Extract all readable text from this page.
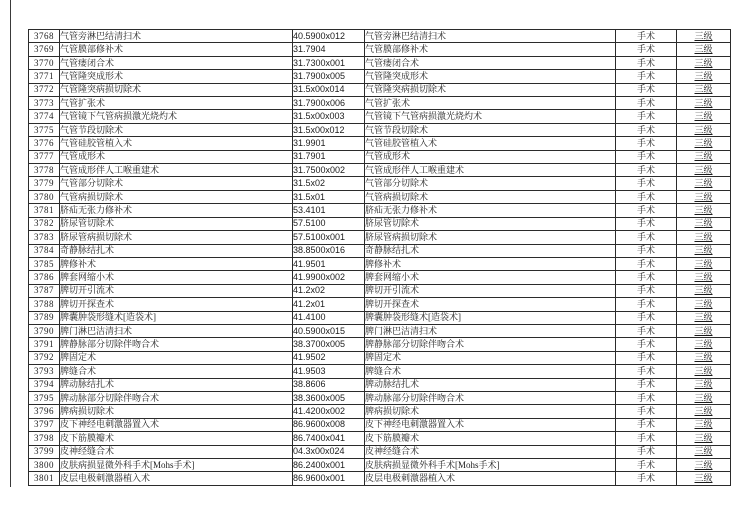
3768	气管旁淋巴结清扫术	40.5900x012	气管旁淋巴结清扫术	手术	三级
3769	气管膜部修补术	31.7904	气管膜部修补术	手术	三级
3770	气管瘘闭合术	31.7300x001	气管瘘闭合术	手术	三级
3771	气管隆突成形术	31.7900x005	气管隆突成形术	手术	三级
3772	气管隆突病损切除术	31.5x00x014	气管隆突病损切除术	手术	三级
3773	气管扩张术	31.7900x006	气管扩张术	手术	三级
3774	气管镜下气管病损激光烧灼术	31.5x00x003	气管镜下气管病损激光烧灼术	手术	三级
3775	气管节段切除术	31.5x00x012	气管节段切除术	手术	三级
3776	气管硅胶管植入术	31.9901	气管硅胶管植入术	手术	三级
3777	气管成形术	31.7901	气管成形术	手术	三级
3778	气管成形伴人工喉重建术	31.7500x002	气管成形伴人工喉重建术	手术	三级
3779	气管部分切除术	31.5x02	气管部分切除术	手术	三级
3780	气管病损切除术	31.5x01	气管病损切除术	手术	三级
3781	脐疝无张力修补术	53.4101	脐疝无张力修补术	手术	三级
3782	脐尿管切除术	57.5100	脐尿管切除术	手术	三级
3783	脐尿管病损切除术	57.5100x001	脐尿管病损切除术	手术	三级
3784	奇静脉结扎术	38.8500x016	奇静脉结扎术	手术	三级
3785	脾修补术	41.9501	脾修补术	手术	三级
3786	脾套网缩小术	41.9900x002	脾套网缩小术	手术	三级
3787	脾切开引流术	41.2x02	脾切开引流术	手术	三级
3788	脾切开探查术	41.2x01	脾切开探查术	手术	三级
3789	脾囊肿袋形缝术[造袋术]	41.4100	脾囊肿袋形缝术[造袋术]	手术	三级
3790	脾门淋巴洁清扫术	40.5900x015	脾门淋巴洁清扫术	手术	三级
3791	脾静脉部分切除伴吻合术	38.3700x005	脾静脉部分切除伴吻合术	手术	三级
3792	脾固定术	41.9502	脾固定术	手术	三级
3793	脾缝合术	41.9503	脾缝合术	手术	三级
3794	脾动脉结扎术	38.8606	脾动脉结扎术	手术	三级
3795	脾动脉部分切除伴吻合术	38.3600x005	脾动脉部分切除伴吻合术	手术	三级
3796	脾病损切除术	41.4200x002	脾病损切除术	手术	三级
3797	皮下神经电刺激器置入术	86.9600x008	皮下神经电刺激器置入术	手术	三级
3798	皮下筋膜瓣术	86.7400x041	皮下筋膜瓣术	手术	三级
3799	皮神经缝合术	04.3x00x024	皮神经缝合术	手术	三级
3800	皮肤病损显微外科手术[Mohs手术]	86.2400x001	皮肤病损显微外科手术[Mohs手术]	手术	三级
3801	皮层电极刺激器植入术	86.9600x001	皮层电极刺激器植入术	手术	三级
